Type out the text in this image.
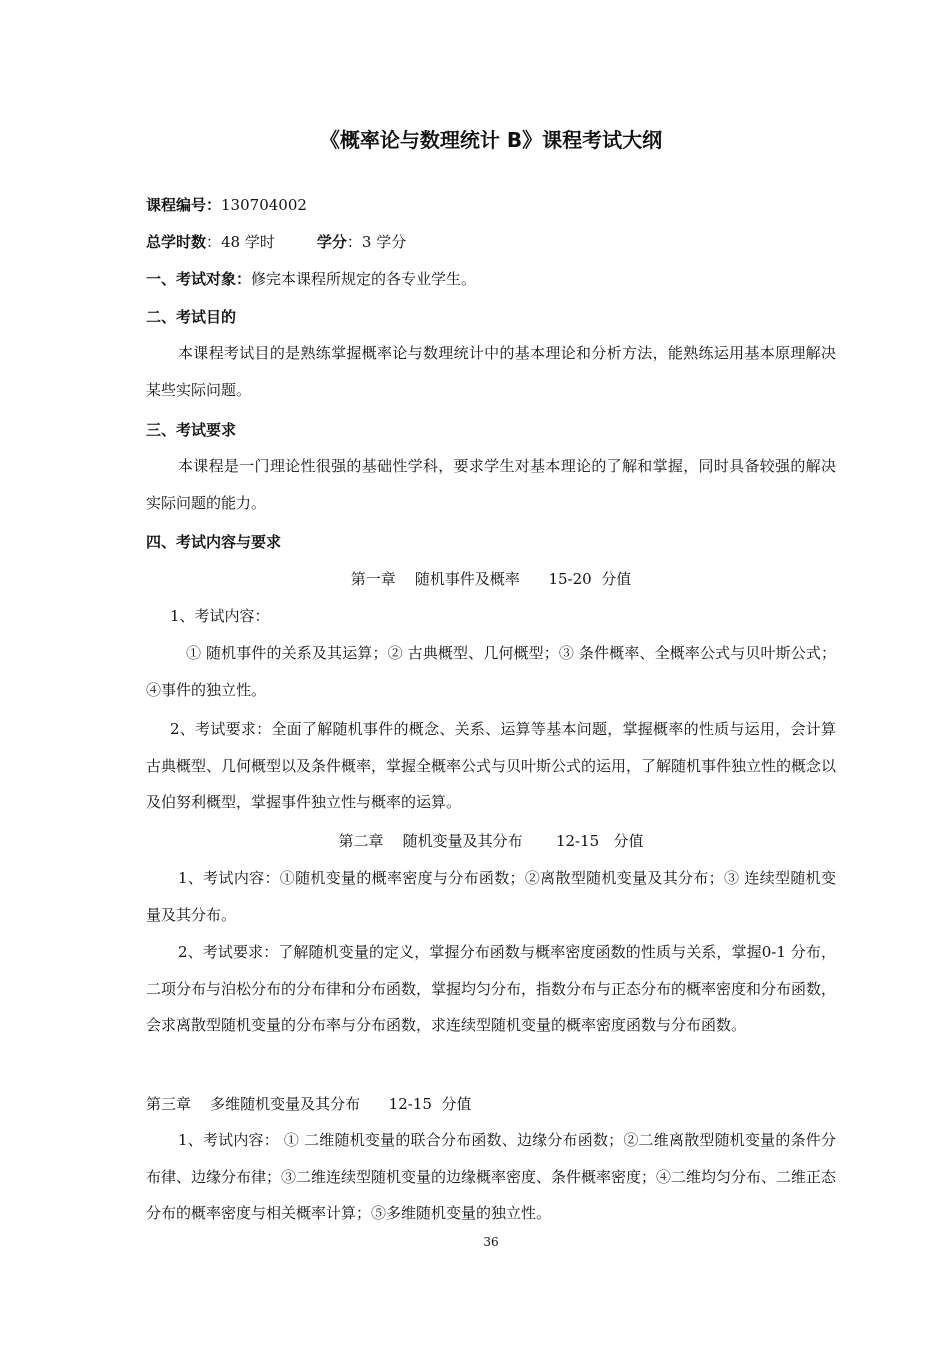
《概率论与数理统计 B》课程考试大纲
课程编号：130704002
总学时数：48 学时	学分：3 学分
一、考试对象：修完本课程所规定的各专业学生。
二、考试目的

本课程考试目的是熟练掌握概率论与数理统计中的基本理论和分析方法，能熟练运用基本原理解决某些实际问题。

三、考试要求

本课程是一门理论性很强的基础性学科，要求学生对基本理论的了解和掌握，同时具备较强的解决实际问题的能力。

四、考试内容与要求
第一章    随机事件及概率      15-20  分值
1、考试内容：

① 随机事件的关系及其运算；② 古典概型、几何概型；③ 条件概率、全概率公式与贝叶斯公式；④事件的独立性。

2、考试要求：全面了解随机事件的概念、关系、运算等基本问题，掌握概率的性质与运用，会计算古典概型、几何概型以及条件概率，掌握全概率公式与贝叶斯公式的运用，了解随机事件独立性的概念以及伯努利概型，掌握事件独立性与概率的运算。

第二章    随机变量及其分布       12-15   分值

1、考试内容：①随机变量的概率密度与分布函数；②离散型随机变量及其分布；③ 连续型随机变量及其分布。

2、考试要求：了解随机变量的定义，掌握分布函数与概率密度函数的性质与关系，掌握0-1 分布，二项分布与泊松分布的分布律和分布函数，掌握均匀分布，指数分布与正态分布的概率密度和分布函数，会求离散型随机变量的分布率与分布函数，求连续型随机变量的概率密度函数与分布函数。

第三章    多维随机变量及其分布      12-15  分值

1、考试内容： ① 二维随机变量的联合分布函数、边缘分布函数；②二维离散型随机变量的条件分布律、边缘分布律；③二维连续型随机变量的边缘概率密度、条件概率密度；④二维均匀分布、二维正态分布的概率密度与相关概率计算；⑤多维随机变量的独立性。

36
